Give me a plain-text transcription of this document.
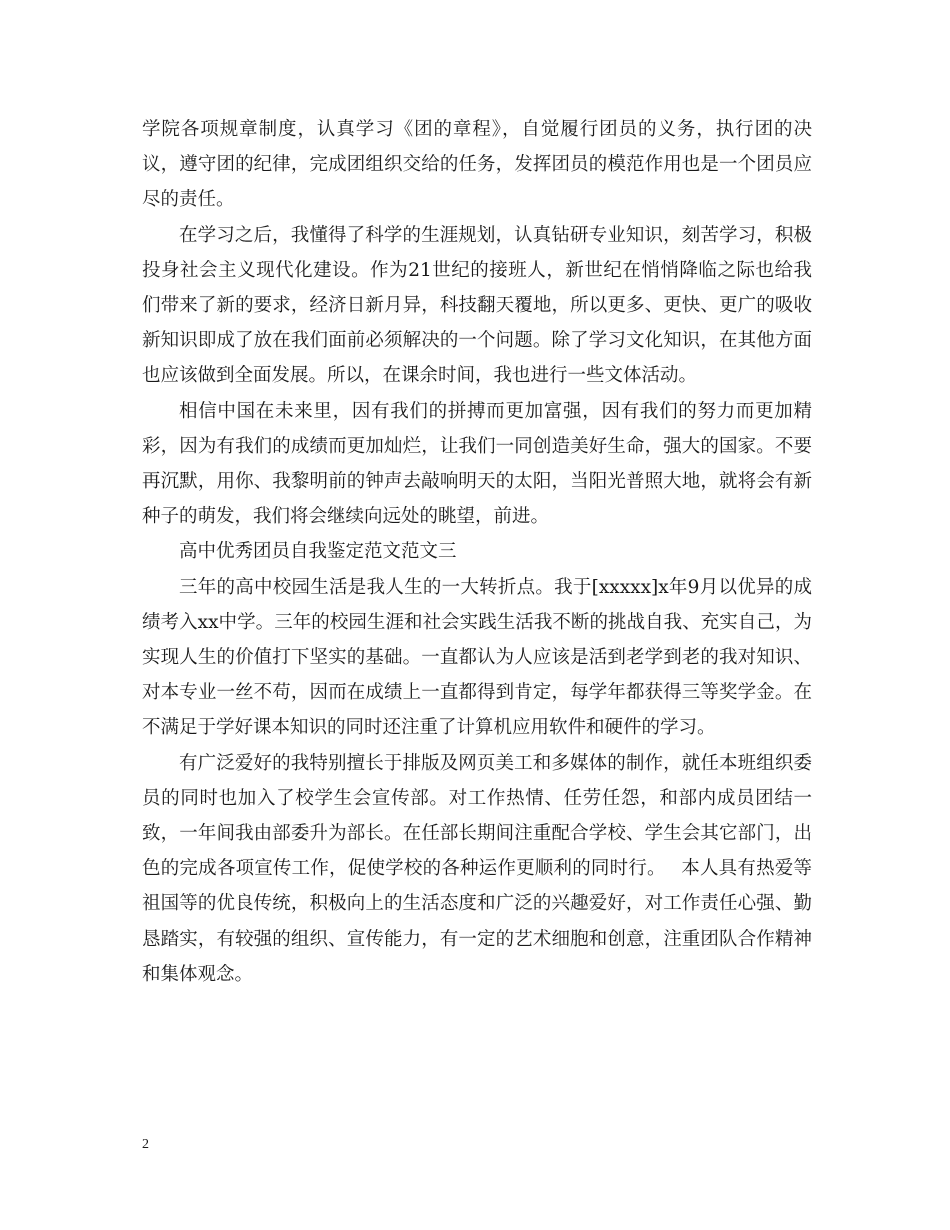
学院各项规章制度，认真学习《团的章程》，自觉履行团员的义务，执行团的决议，遵守团的纪律，完成团组织交给的任务，发挥团员的模范作用也是一个团员应尽的责任。

在学习之后，我懂得了科学的生涯规划，认真钻研专业知识，刻苦学习，积极投身社会主义现代化建设。作为21世纪的接班人，新世纪在悄悄降临之际也给我们带来了新的要求，经济日新月异，科技翻天覆地，所以更多、更快、更广的吸收新知识即成了放在我们面前必须解决的一个问题。除了学习文化知识，在其他方面也应该做到全面发展。所以，在课余时间，我也进行一些文体活动。

相信中国在未来里，因有我们的拼搏而更加富强，因有我们的努力而更加精彩，因为有我们的成绩而更加灿烂，让我们一同创造美好生命，强大的国家。不要再沉默，用你、我黎明前的钟声去敲响明天的太阳，当阳光普照大地，就将会有新种子的萌发，我们将会继续向远处的眺望，前进。

高中优秀团员自我鉴定范文范文三

三年的高中校园生活是我人生的一大转折点。我于[xxxxx]x年9月以优异的成绩考入xx中学。三年的校园生涯和社会实践生活我不断的挑战自我、充实自己，为实现人生的价值打下坚实的基础。一直都认为人应该是活到老学到老的我对知识、对本专业一丝不苟，因而在成绩上一直都得到肯定，每学年都获得三等奖学金。在不满足于学好课本知识的同时还注重了计算机应用软件和硬件的学习。

有广泛爱好的我特别擅长于排版及网页美工和多媒体的制作，就任本班组织委员的同时也加入了校学生会宣传部。对工作热情、任劳任怨，和部内成员团结一致，一年间我由部委升为部长。在任部长期间注重配合学校、学生会其它部门，出色的完成各项宣传工作，促使学校的各种运作更顺利的同时行。　 本人具有热爱等祖国等的优良传统，积极向上的生活态度和广泛的兴趣爱好，对工作责任心强、勤恳踏实，有较强的组织、宣传能力，有一定的艺术细胞和创意，注重团队合作精神和集体观念。

2
